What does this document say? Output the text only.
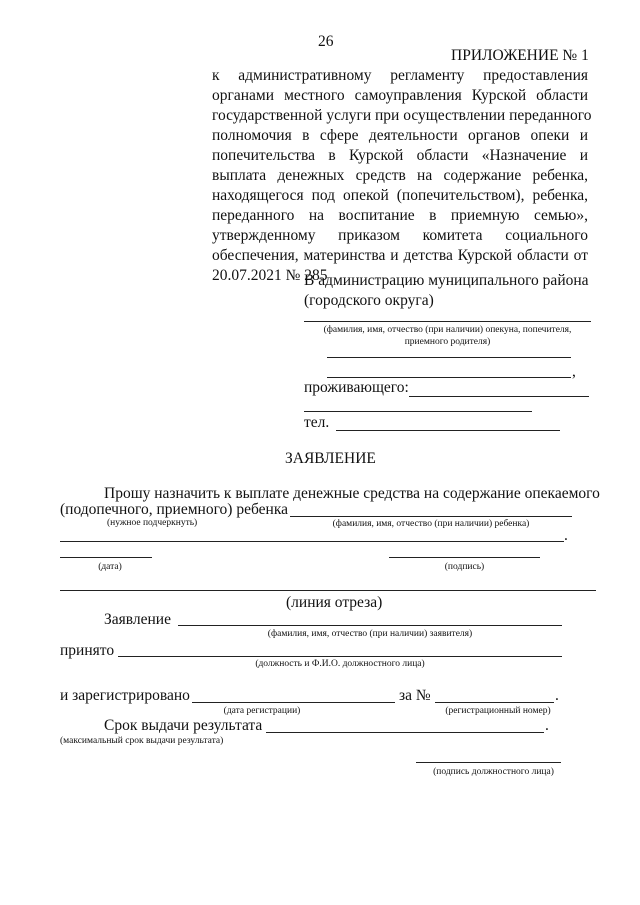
26
ПРИЛОЖЕНИЕ № 1
к административному регламенту предоставления
органами местного самоуправления Курской области
государственной услуги при осуществлении переданного
полномочия в сфере деятельности органов опеки и
попечительства в Курской области «Назначение и
выплата денежных средств на содержание ребенка,
находящегося под опекой (попечительством), ребенка,
переданного на воспитание в приемную семью»,
утвержденному приказом комитета социального
обеспечения, материнства и детства Курской области от
20.07.2021 № 285
В администрацию муниципального района
(городского округа)
(фамилия, имя, отчество (при наличии) опекуна, попечителя,
приемного родителя)
,
проживающего:
тел.
ЗАЯВЛЕНИЕ
Прошу назначить к выплате денежные средства на содержание опекаемого
(подопечного, приемного) ребенка
(нужное подчеркнуть)	(фамилия, имя, отчество (при наличии) ребенка)
.
(дата)	(подпись)
(линия отреза)
Заявление
(фамилия, имя, отчество (при наличии) заявителя)
принято
(должность и Ф.И.О. должностного лица)
и зарегистрировано	за №	.
(дата регистрации)	(регистрационный номер)
Срок выдачи результата	.
(максимальный срок выдачи результата)
(подпись должностного лица)
